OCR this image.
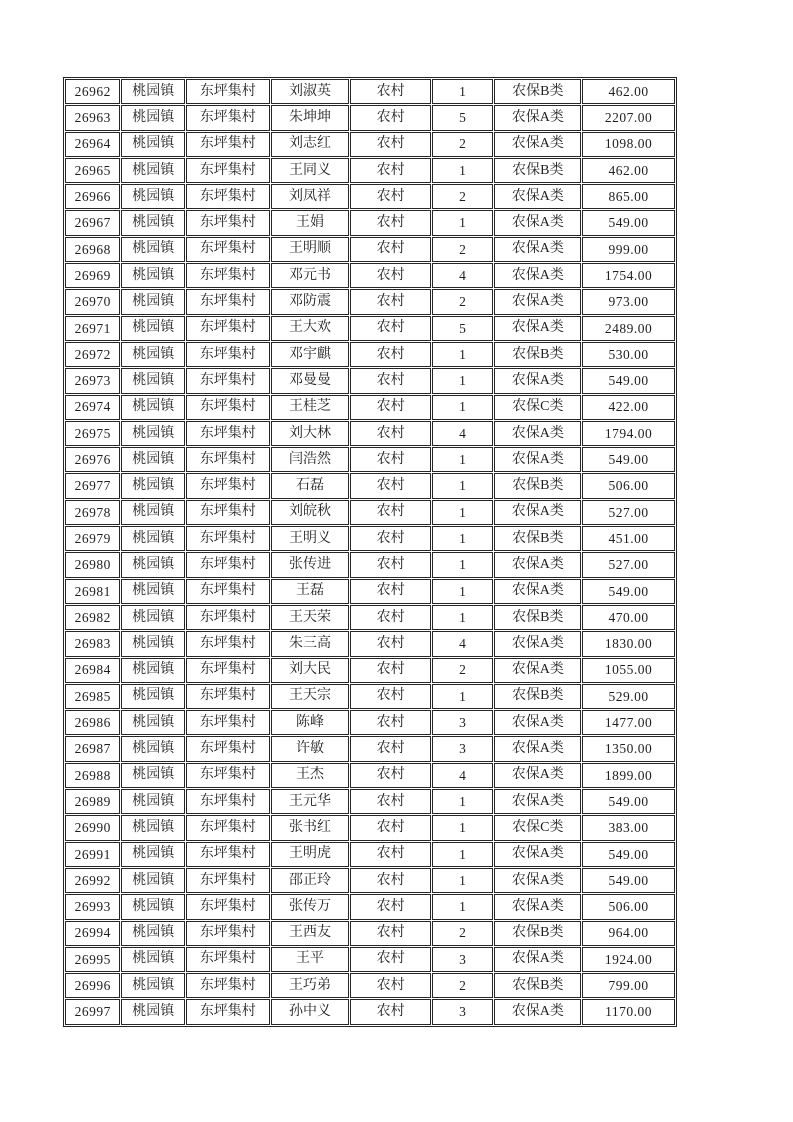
26962	桃园镇	东坪集村	刘淑英	农村	1	农保B类	462.00
26963	桃园镇	东坪集村	朱坤坤	农村	5	农保A类	2207.00
26964	桃园镇	东坪集村	刘志红	农村	2	农保A类	1098.00
26965	桃园镇	东坪集村	王同义	农村	1	农保B类	462.00
26966	桃园镇	东坪集村	刘凤祥	农村	2	农保A类	865.00
26967	桃园镇	东坪集村	王娟	农村	1	农保A类	549.00
26968	桃园镇	东坪集村	王明顺	农村	2	农保A类	999.00
26969	桃园镇	东坪集村	邓元书	农村	4	农保A类	1754.00
26970	桃园镇	东坪集村	邓防震	农村	2	农保A类	973.00
26971	桃园镇	东坪集村	王大欢	农村	5	农保A类	2489.00
26972	桃园镇	东坪集村	邓宇麒	农村	1	农保B类	530.00
26973	桃园镇	东坪集村	邓曼曼	农村	1	农保A类	549.00
26974	桃园镇	东坪集村	王桂芝	农村	1	农保C类	422.00
26975	桃园镇	东坪集村	刘大林	农村	4	农保A类	1794.00
26976	桃园镇	东坪集村	闫浩然	农村	1	农保A类	549.00
26977	桃园镇	东坪集村	石磊	农村	1	农保B类	506.00
26978	桃园镇	东坪集村	刘皖秋	农村	1	农保A类	527.00
26979	桃园镇	东坪集村	王明义	农村	1	农保B类	451.00
26980	桃园镇	东坪集村	张传进	农村	1	农保A类	527.00
26981	桃园镇	东坪集村	王磊	农村	1	农保A类	549.00
26982	桃园镇	东坪集村	王天荣	农村	1	农保B类	470.00
26983	桃园镇	东坪集村	朱三高	农村	4	农保A类	1830.00
26984	桃园镇	东坪集村	刘大民	农村	2	农保A类	1055.00
26985	桃园镇	东坪集村	王天宗	农村	1	农保B类	529.00
26986	桃园镇	东坪集村	陈峰	农村	3	农保A类	1477.00
26987	桃园镇	东坪集村	许敏	农村	3	农保A类	1350.00
26988	桃园镇	东坪集村	王杰	农村	4	农保A类	1899.00
26989	桃园镇	东坪集村	王元华	农村	1	农保A类	549.00
26990	桃园镇	东坪集村	张书红	农村	1	农保C类	383.00
26991	桃园镇	东坪集村	王明虎	农村	1	农保A类	549.00
26992	桃园镇	东坪集村	邵正玲	农村	1	农保A类	549.00
26993	桃园镇	东坪集村	张传万	农村	1	农保A类	506.00
26994	桃园镇	东坪集村	王西友	农村	2	农保B类	964.00
26995	桃园镇	东坪集村	王平	农村	3	农保A类	1924.00
26996	桃园镇	东坪集村	王巧弟	农村	2	农保B类	799.00
26997	桃园镇	东坪集村	孙中义	农村	3	农保A类	1170.00
